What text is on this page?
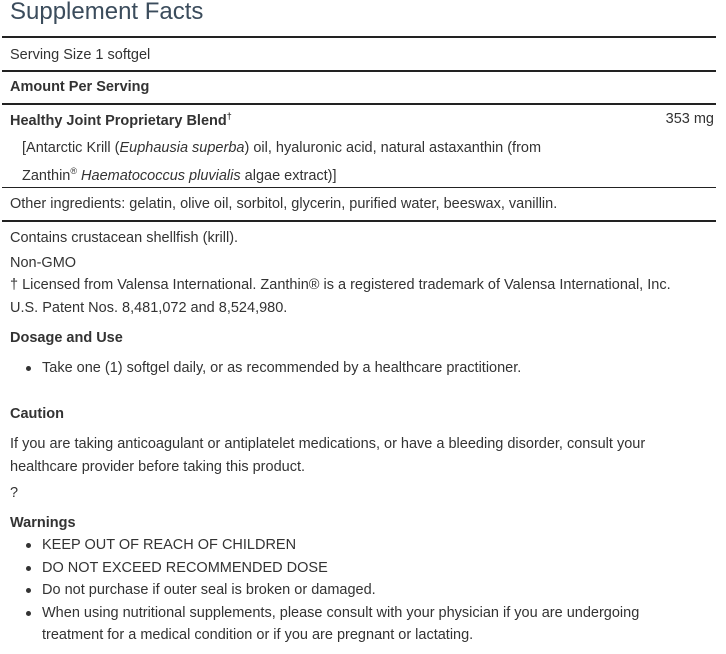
Supplement Facts
Serving Size 1 softgel
Amount Per Serving
Healthy Joint Proprietary Blend†	353 mg
[Antarctic Krill (Euphausia superba) oil, hyaluronic acid, natural astaxanthin (from
Zanthin® Haematococcus pluvialis algae extract)]
Other ingredients: gelatin, olive oil, sorbitol, glycerin, purified water, beeswax, vanillin.
Contains crustacean shellfish (krill).
Non-GMO
† Licensed from Valensa International. Zanthin® is a registered trademark of Valensa International, Inc.
U.S. Patent Nos. 8,481,072 and 8,524,980.
Dosage and Use
Take one (1) softgel daily, or as recommended by a healthcare practitioner.
Caution
If you are taking anticoagulant or antiplatelet medications, or have a bleeding disorder, consult your
healthcare provider before taking this product.
?
Warnings
KEEP OUT OF REACH OF CHILDREN
DO NOT EXCEED RECOMMENDED DOSE
Do not purchase if outer seal is broken or damaged.
When using nutritional supplements, please consult with your physician if you are undergoing
treatment for a medical condition or if you are pregnant or lactating.
